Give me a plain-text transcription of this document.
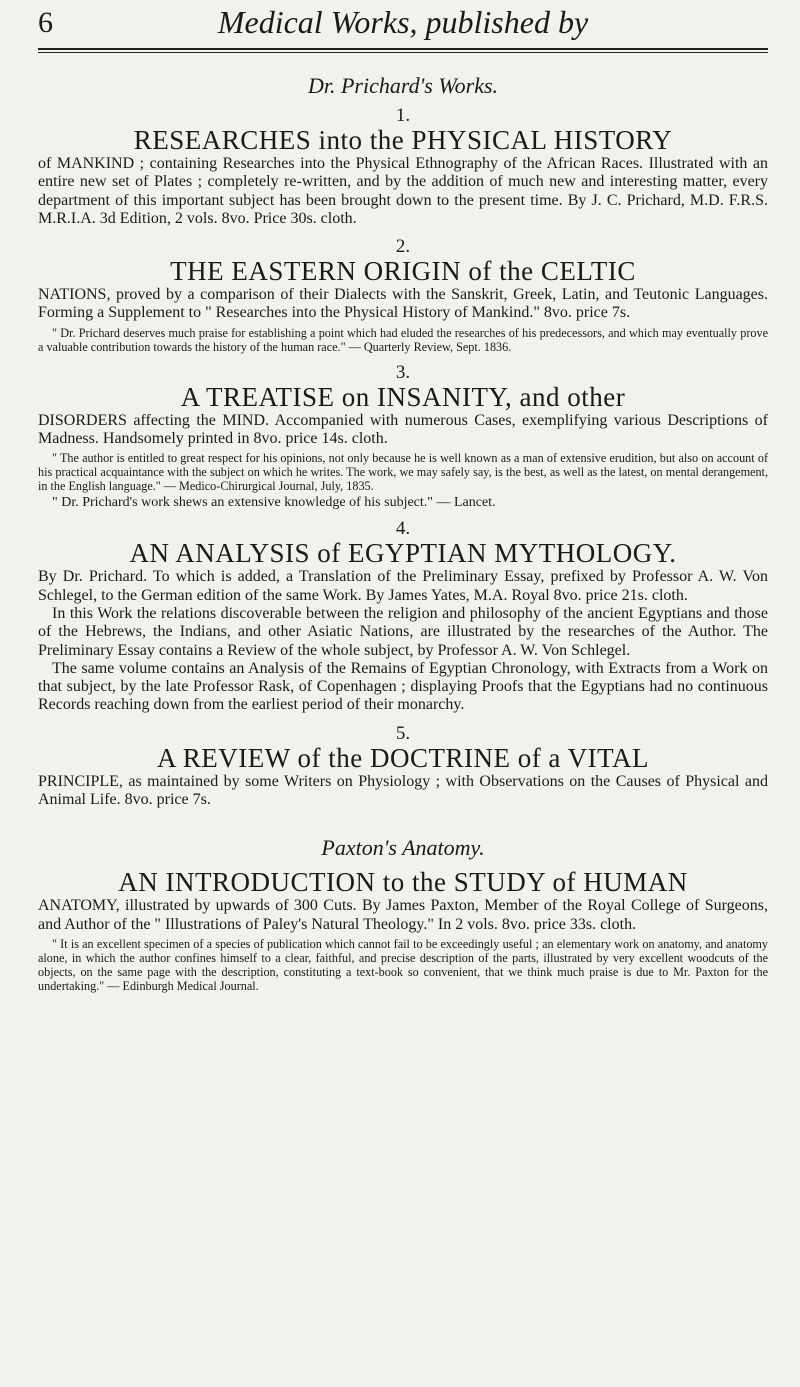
6	Medical Works, published by
Dr. Prichard's Works.
1.
RESEARCHES into the PHYSICAL HISTORY

of MANKIND ; containing Researches into the Physical Ethnography of the African Races. Illustrated with an entire new set of Plates ; completely re-written, and by the addition of much new and interesting matter, every department of this important subject has been brought down to the present time. By J. C. Prichard, M.D. F.R.S. M.R.I.A. 3d Edition, 2 vols. 8vo. Price 30s. cloth.

2.
THE EASTERN ORIGIN of the CELTIC

NATIONS, proved by a comparison of their Dialects with the Sanskrit, Greek, Latin, and Teutonic Languages. Forming a Supplement to " Researches into the Physical History of Mankind." 8vo. price 7s.

" Dr. Prichard deserves much praise for establishing a point which had eluded the researches of his predecessors, and which may eventually prove a valuable contribution towards the history of the human race." — Quarterly Review, Sept. 1836.

3.
A TREATISE on INSANITY, and other

DISORDERS affecting the MIND. Accompanied with numerous Cases, exemplifying various Descriptions of Madness. Handsomely printed in 8vo. price 14s. cloth.

" The author is entitled to great respect for his opinions, not only because he is well known as a man of extensive erudition, but also on account of his practical acquaintance with the subject on which he writes. The work, we may safely say, is the best, as well as the latest, on mental derangement, in the English language." — Medico-Chirurgical Journal, July, 1835.

" Dr. Prichard's work shews an extensive knowledge of his subject." — Lancet.

4.
AN ANALYSIS of EGYPTIAN MYTHOLOGY.

By Dr. Prichard. To which is added, a Translation of the Preliminary Essay, prefixed by Professor A. W. Von Schlegel, to the German edition of the same Work. By James Yates, M.A. Royal 8vo. price 21s. cloth.

In this Work the relations discoverable between the religion and philosophy of the ancient Egyptians and those of the Hebrews, the Indians, and other Asiatic Nations, are illustrated by the researches of the Author. The Preliminary Essay contains a Review of the whole subject, by Professor A. W. Von Schlegel.

The same volume contains an Analysis of the Remains of Egyptian Chronology, with Extracts from a Work on that subject, by the late Professor Rask, of Copenhagen ; displaying Proofs that the Egyptians had no continuous Records reaching down from the earliest period of their monarchy.

5.
A REVIEW of the DOCTRINE of a VITAL

PRINCIPLE, as maintained by some Writers on Physiology ; with Observations on the Causes of Physical and Animal Life. 8vo. price 7s.

Paxton's Anatomy.
AN INTRODUCTION to the STUDY of HUMAN

ANATOMY, illustrated by upwards of 300 Cuts. By James Paxton, Member of the Royal College of Surgeons, and Author of the " Illustrations of Paley's Natural Theology." In 2 vols. 8vo. price 33s. cloth.

" It is an excellent specimen of a species of publication which cannot fail to be exceedingly useful ; an elementary work on anatomy, and anatomy alone, in which the author confines himself to a clear, faithful, and precise description of the parts, illustrated by very excellent woodcuts of the objects, on the same page with the description, constituting a text-book so convenient, that we think much praise is due to Mr. Paxton for the undertaking." — Edinburgh Medical Journal.
